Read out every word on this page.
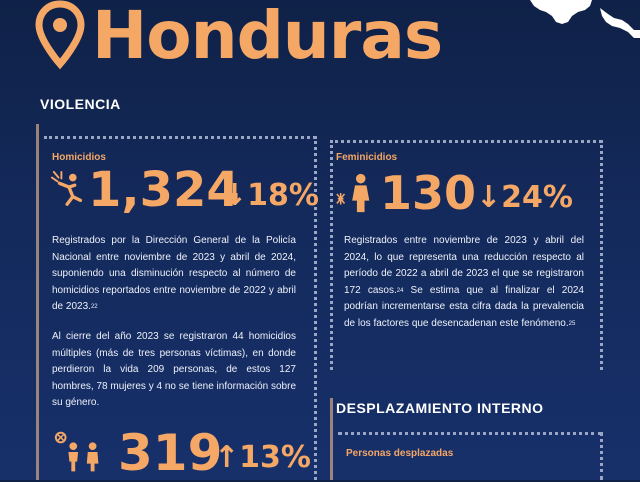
Honduras
VIOLENCIA
Homicidios
1,324
↓18%
Registrados por la Dirección General de la Policía Nacional entre noviembre de 2023 y abril de 2024, suponiendo una disminución respecto al número de homicidios reportados entre noviembre de 2022 y abril de 2023.22
Al cierre del año 2023 se registraron 44 homicidios múltiples (más de tres personas víctimas), en donde perdieron la vida 209 personas, de estos 127 hombres, 78 mujeres y 4 no se tiene información sobre su género.
319
↑13%
Feminicidios
130 ↓24%
Registrados entre noviembre de 2023 y abril del 2024, lo que representa una reducción respecto al período de 2022 a abril de 2023 el que se registraron 172 casos.$^{24}$ Se estima que al finalizar el 2024 podrían incrementarse esta cifra dada la prevalencia de los factores que desencadenan este fenómeno.$^{25}$
DESPLAZAMIENTO INTERNO
Personas desplazadas
